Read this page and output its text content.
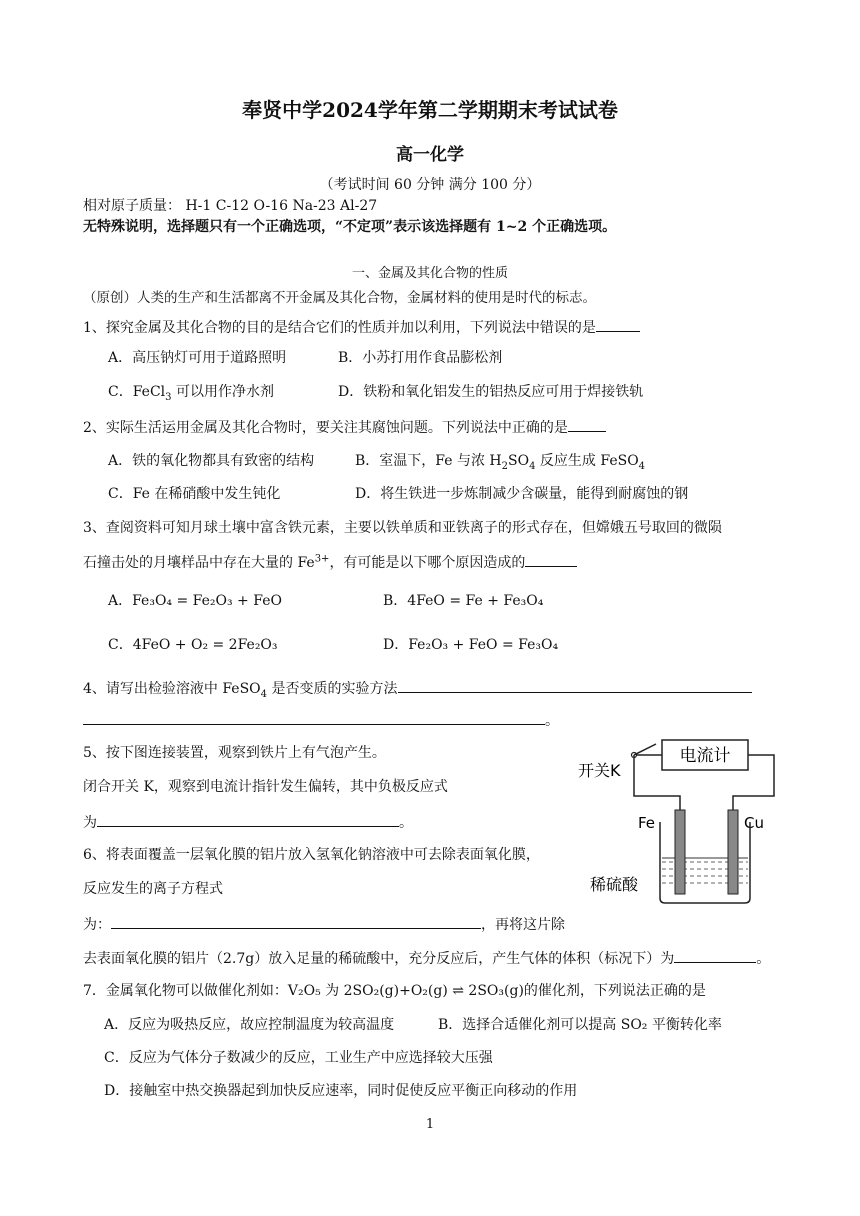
奉贤中学2024学年第二学期期末考试试卷
高一化学
（考试时间 60 分钟 满分 100 分）
相对原子质量： H-1 C-12 O-16 Na-23 Al-27
无特殊说明，选择题只有一个正确选项，“不定项”表示该选择题有 1~2 个正确选项。
一、金属及其化合物的性质
（原创）人类的生产和生活都离不开金属及其化合物，金属材料的使用是时代的标志。
1、探究金属及其化合物的目的是结合它们的性质并加以利用，下列说法中错误的是
A．高压钠灯可用于道路照明	B．小苏打用作食品膨松剂
C．FeCl$_3$ 可以用作净水剂	D．铁粉和氧化铝发生的铝热反应可用于焊接铁轨
2、实际生活运用金属及其化合物时，要关注其腐蚀问题。下列说法中正确的是
A．铁的氧化物都具有致密的结构	B．室温下，Fe 与浓 $H_2SO_4$ 反应生成 FeSO$_4$
C．Fe 在稀硝酸中发生钝化	D．将生铁进一步炼制减少含碳量，能得到耐腐蚀的钢
3、查阅资料可知月球土壤中富含铁元素，主要以铁单质和亚铁离子的形式存在，但嫦娥五号取回的微陨
石撞击处的月壤样品中存在大量的 $Fe^{3+}$，有可能是以下哪个原因造成的
A．Fe₃O₄ = Fe₂O₃ + FeO	B．4FeO = Fe + Fe₃O₄
C．4FeO + O₂ = 2Fe₂O₃	D．Fe₂O₃ + FeO = Fe₃O₄
4、请写出检验溶液中 FeSO$_4$ 是否变质的实验方法
。
5、按下图连接装置，观察到铁片上有气泡产生。
闭合开关 K，观察到电流计指针发生偏转，其中负极反应式
为	。
6、将表面覆盖一层氧化膜的铝片放入氢氧化钠溶液中可去除表面氧化膜，
反应发生的离子方程式
为：	，再将这片除
去表面氧化膜的铝片（2.7g）放入足量的稀硫酸中，充分反应后，产生气体的体积（标况下）为	。
7．金属氧化物可以做催化剂如：V₂O₅ 为 2SO₂(g)+O₂(g) ⇌ 2SO₃(g)的催化剂，下列说法正确的是
A．反应为吸热反应，故应控制温度为较高温度	B．选择合适催化剂可以提高 SO₂ 平衡转化率
C．反应为气体分子数减少的反应，工业生产中应选择较大压强
D．接触室中热交换器起到加快反应速率，同时促使反应平衡正向移动的作用
1
电流计
开关K
Fe	Cu
稀硫酸
